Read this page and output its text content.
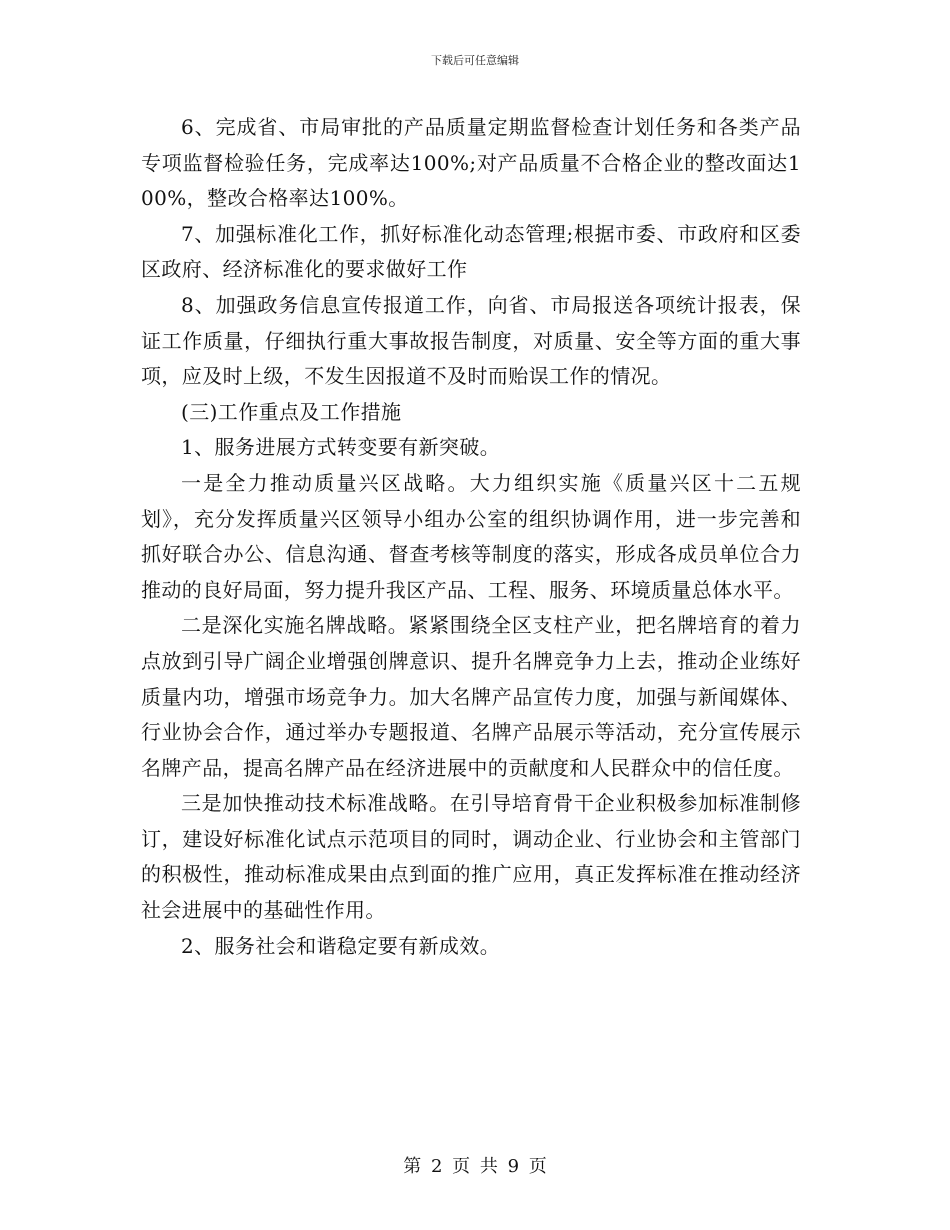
下载后可任意编辑

6、完成省、市局审批的产品质量定期监督检查计划任务和各类产品专项监督检验任务，完成率达100%;对产品质量不合格企业的整改面达100%，整改合格率达100%。

7、加强标准化工作，抓好标准化动态管理;根据市委、市政府和区委区政府、经济标准化的要求做好工作

8、加强政务信息宣传报道工作，向省、市局报送各项统计报表，保证工作质量，仔细执行重大事故报告制度，对质量、安全等方面的重大事项，应及时上级，不发生因报道不及时而贻误工作的情况。

(三)工作重点及工作措施

1、服务进展方式转变要有新突破。

一是全力推动质量兴区战略。大力组织实施《质量兴区十二五规划》，充分发挥质量兴区领导小组办公室的组织协调作用，进一步完善和抓好联合办公、信息沟通、督查考核等制度的落实，形成各成员单位合力推动的良好局面，努力提升我区产品、工程、服务、环境质量总体水平。

二是深化实施名牌战略。紧紧围绕全区支柱产业，把名牌培育的着力点放到引导广阔企业增强创牌意识、提升名牌竞争力上去，推动企业练好质量内功，增强市场竞争力。加大名牌产品宣传力度，加强与新闻媒体、行业协会合作，通过举办专题报道、名牌产品展示等活动，充分宣传展示名牌产品，提高名牌产品在经济进展中的贡献度和人民群众中的信任度。

三是加快推动技术标准战略。在引导培育骨干企业积极参加标准制修订，建设好标准化试点示范项目的同时，调动企业、行业协会和主管部门的积极性，推动标准成果由点到面的推广应用，真正发挥标准在推动经济社会进展中的基础性作用。

2、服务社会和谐稳定要有新成效。

第 2 页 共 9 页
